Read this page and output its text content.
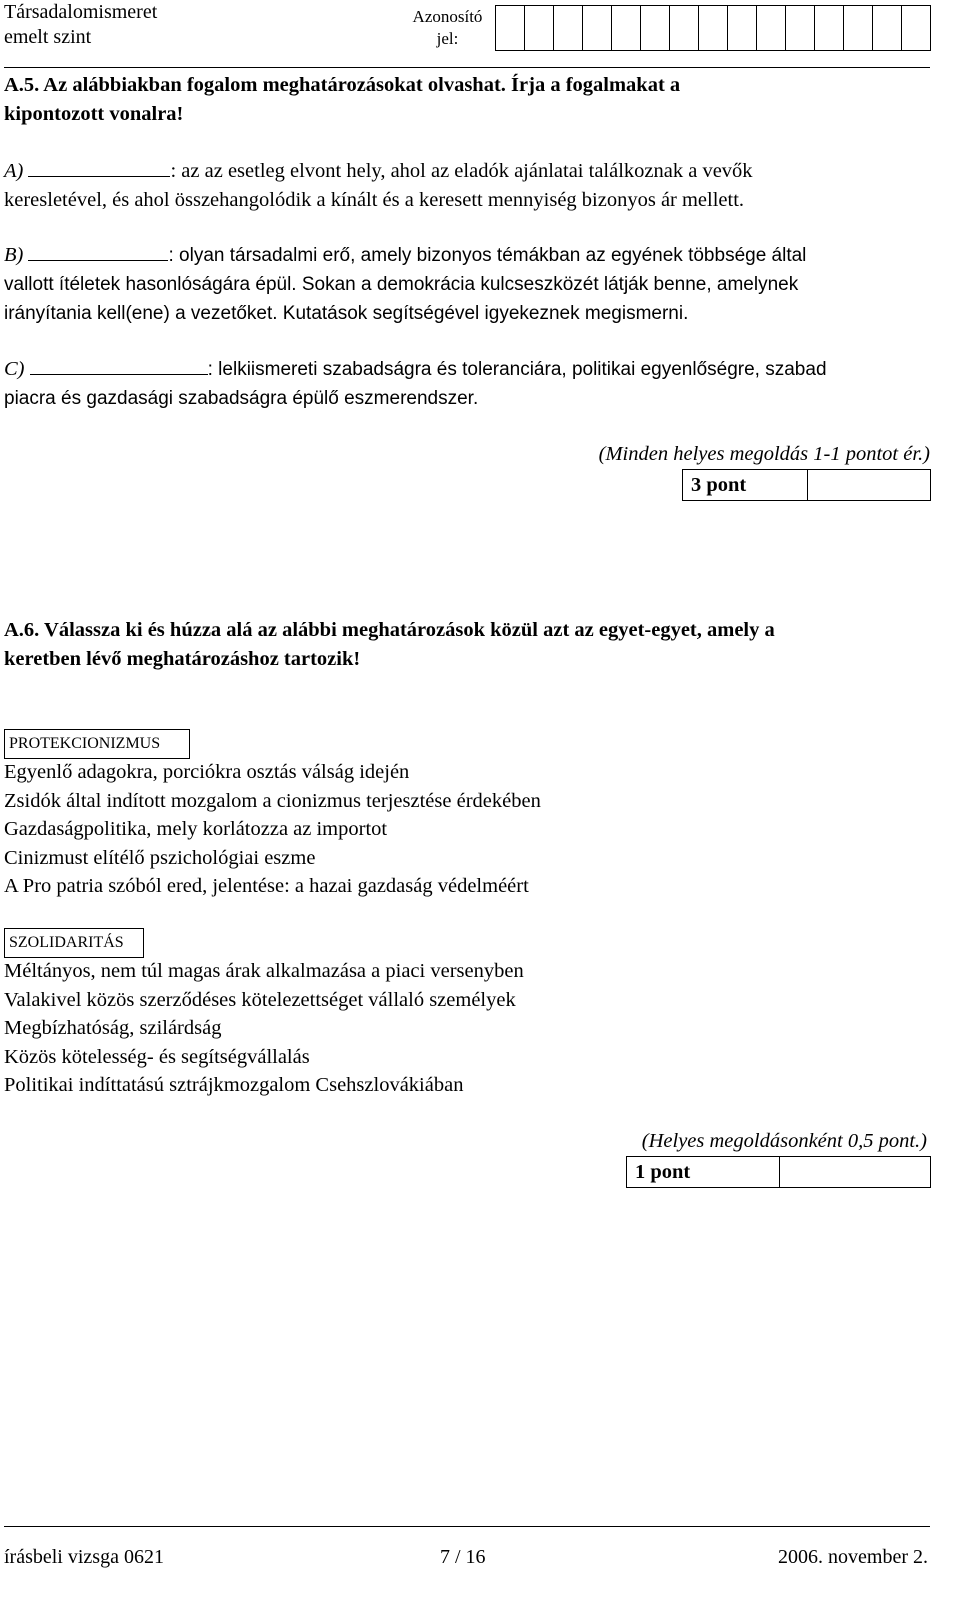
Társadalomismeret
emelt szint
Azonosító
jel:
A.5. Az alábbiakban fogalom meghatározásokat olvashat. Írja a fogalmakat a
kipontozott vonalra!
A)	: az az esetleg elvont hely, ahol az eladók ajánlatai találkoznak a vevők
keresletével, és ahol összehangolódik a kínált és a keresett mennyiség bizonyos ár mellett.
B)	: olyan társadalmi erő, amely bizonyos témákban az egyének többsége által
vallott ítéletek hasonlóságára épül. Sokan a demokrácia kulcseszközét látják benne, amelynek
irányítania kell(ene) a vezetőket. Kutatások segítségével igyekeznek megismerni.
C)	: lelkiismereti szabadságra és toleranciára, politikai egyenlőségre, szabad
piacra és gazdasági szabadságra épülő eszmerendszer.
(Minden helyes megoldás 1-1 pontot ér.)
3 pont
A.6. Válassza ki és húzza alá az alábbi meghatározások közül azt az egyet-egyet, amely a
keretben lévő meghatározáshoz tartozik!
PROTEKCIONIZMUS
Egyenlő adagokra, porciókra osztás válság idején
Zsidók által indított mozgalom a cionizmus terjesztése érdekében
Gazdaságpolitika, mely korlátozza az importot
Cinizmust elítélő pszichológiai eszme
A Pro patria szóból ered, jelentése: a hazai gazdaság védelméért
SZOLIDARITÁS
Méltányos, nem túl magas árak alkalmazása a piaci versenyben
Valakivel közös szerződéses kötelezettséget vállaló személyek
Megbízhatóság, szilárdság
Közös kötelesség- és segítségvállalás
Politikai indíttatású sztrájkmozgalom Csehszlovákiában
(Helyes megoldásonként 0,5 pont.)
1 pont
írásbeli vizsga 0621	7 / 16	2006. november 2.
